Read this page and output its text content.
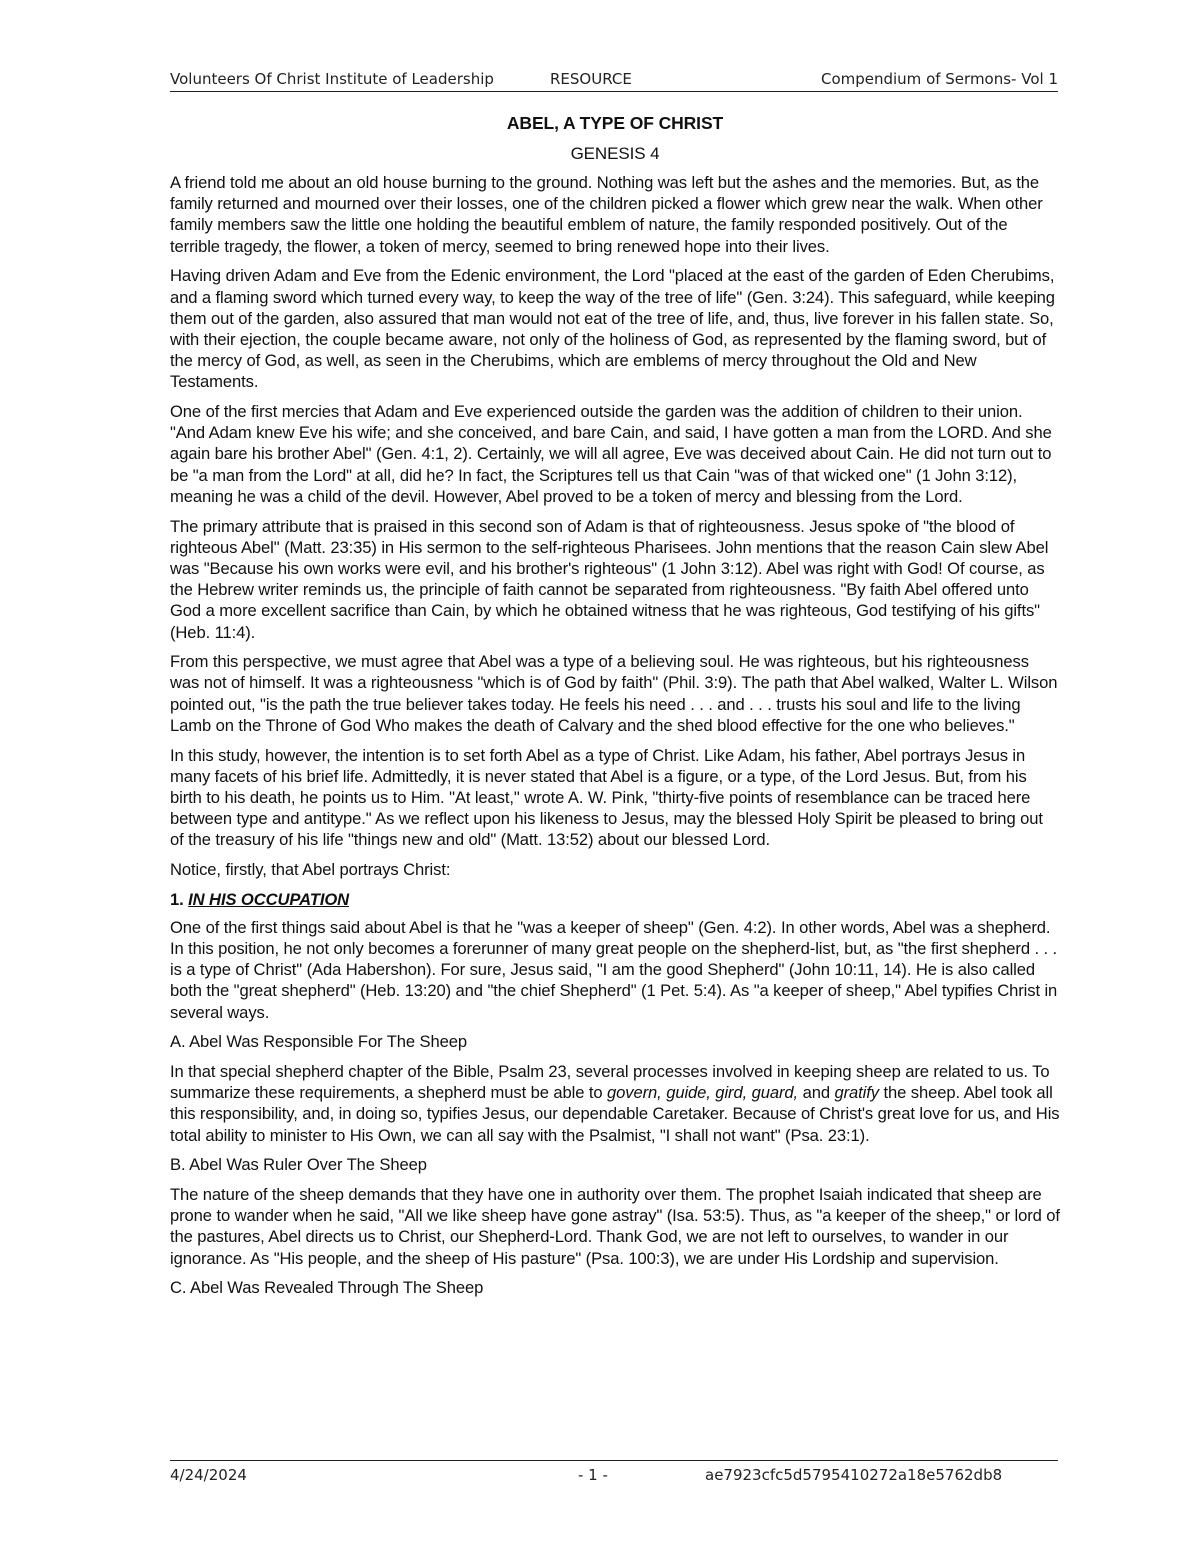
Volunteers Of Christ Institute of Leadership	RESOURCE	Compendium of Sermons- Vol 1
ABEL, A TYPE OF CHRIST
GENESIS 4

A friend told me about an old house burning to the ground. Nothing was left but the ashes and the memories. But, as the family returned and mourned over their losses, one of the children picked a flower which grew near the walk. When other family members saw the little one holding the beautiful emblem of nature, the family responded positively. Out of the terrible tragedy, the flower, a token of mercy, seemed to bring renewed hope into their lives.

Having driven Adam and Eve from the Edenic environment, the Lord "placed at the east of the garden of Eden Cherubims, and a flaming sword which turned every way, to keep the way of the tree of life" (Gen. 3:24). This safeguard, while keeping them out of the garden, also assured that man would not eat of the tree of life, and, thus, live forever in his fallen state. So, with their ejection, the couple became aware, not only of the holiness of God, as represented by the flaming sword, but of the mercy of God, as well, as seen in the Cherubims, which are emblems of mercy throughout the Old and New Testaments.

One of the first mercies that Adam and Eve experienced outside the garden was the addition of children to their union. "And Adam knew Eve his wife; and she conceived, and bare Cain, and said, I have gotten a man from the LORD. And she again bare his brother Abel" (Gen. 4:1, 2). Certainly, we will all agree, Eve was deceived about Cain. He did not turn out to be "a man from the Lord" at all, did he? In fact, the Scriptures tell us that Cain "was of that wicked one" (1 John 3:12), meaning he was a child of the devil. However, Abel proved to be a token of mercy and blessing from the Lord.

The primary attribute that is praised in this second son of Adam is that of righteousness. Jesus spoke of "the blood of righteous Abel" (Matt. 23:35) in His sermon to the self-righteous Pharisees. John mentions that the reason Cain slew Abel was "Because his own works were evil, and his brother's righteous" (1 John 3:12). Abel was right with God! Of course, as the Hebrew writer reminds us, the principle of faith cannot be separated from righteousness. "By faith Abel offered unto God a more excellent sacrifice than Cain, by which he obtained witness that he was righteous, God testifying of his gifts" (Heb. 11:4).

From this perspective, we must agree that Abel was a type of a believing soul. He was righteous, but his righteousness was not of himself. It was a righteousness "which is of God by faith" (Phil. 3:9). The path that Abel walked, Walter L. Wilson pointed out, "is the path the true believer takes today. He feels his need . . . and . . . trusts his soul and life to the living Lamb on the Throne of God Who makes the death of Calvary and the shed blood effective for the one who believes."

In this study, however, the intention is to set forth Abel as a type of Christ. Like Adam, his father, Abel portrays Jesus in many facets of his brief life. Admittedly, it is never stated that Abel is a figure, or a type, of the Lord Jesus. But, from his birth to his death, he points us to Him. "At least," wrote A. W. Pink, "thirty-five points of resemblance can be traced here between type and antitype." As we reflect upon his likeness to Jesus, may the blessed Holy Spirit be pleased to bring out of the treasury of his life "things new and old" (Matt. 13:52) about our blessed Lord.

Notice, firstly, that Abel portrays Christ:

1. IN HIS OCCUPATION

One of the first things said about Abel is that he "was a keeper of sheep" (Gen. 4:2). In other words, Abel was a shepherd. In this position, he not only becomes a forerunner of many great people on the shepherd-list, but, as "the first shepherd . . . is a type of Christ" (Ada Habershon). For sure, Jesus said, "I am the good Shepherd" (John 10:11, 14). He is also called both the "great shepherd" (Heb. 13:20) and "the chief Shepherd" (1 Pet. 5:4). As "a keeper of sheep," Abel typifies Christ in several ways.

A. Abel Was Responsible For The Sheep

In that special shepherd chapter of the Bible, Psalm 23, several processes involved in keeping sheep are related to us. To summarize these requirements, a shepherd must be able to govern, guide, gird, guard, and gratify the sheep. Abel took all this responsibility, and, in doing so, typifies Jesus, our dependable Caretaker. Because of Christ's great love for us, and His total ability to minister to His Own, we can all say with the Psalmist, "I shall not want" (Psa. 23:1).

B. Abel Was Ruler Over The Sheep

The nature of the sheep demands that they have one in authority over them. The prophet Isaiah indicated that sheep are prone to wander when he said, "All we like sheep have gone astray" (Isa. 53:5). Thus, as "a keeper of the sheep," or lord of the pastures, Abel directs us to Christ, our Shepherd-Lord. Thank God, we are not left to ourselves, to wander in our ignorance. As "His people, and the sheep of His pasture" (Psa. 100:3), we are under His Lordship and supervision.

C. Abel Was Revealed Through The Sheep

4/24/2024	- 1 -	ae7923cfc5d5795410272a18e5762db8
